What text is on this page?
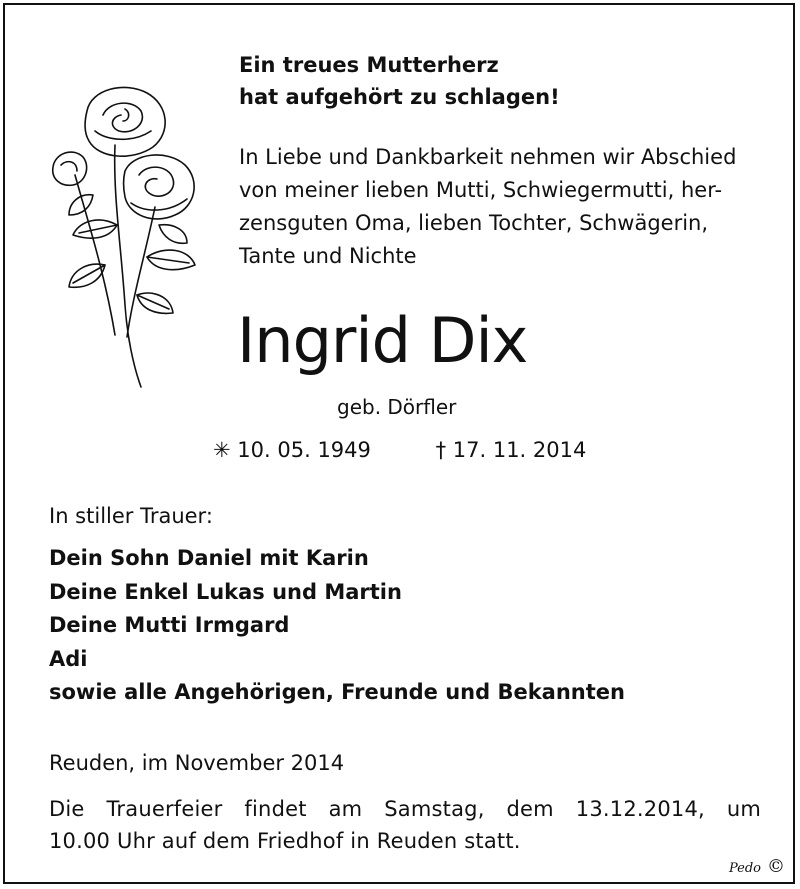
Ein treues Mutterherz
hat aufgehört zu schlagen!
In Liebe und Dankbarkeit nehmen wir Abschied
von meiner lieben Mutti, Schwiegermutti, her-
zensguten Oma, lieben Tochter, Schwägerin,
Tante und Nichte
Ingrid Dix
geb. Dörfler
✳ 10. 05. 1949	† 17. 11. 2014
In stiller Trauer:
Dein Sohn Daniel mit Karin
Deine Enkel Lukas und Martin
Deine Mutti Irmgard
Adi
sowie alle Angehörigen, Freunde und Bekannten
Reuden, im November 2014
Die Trauerfeier findet am Samstag, dem 13.12.2014, um
10.00 Uhr auf dem Friedhof in Reuden statt.
Pedo ©
